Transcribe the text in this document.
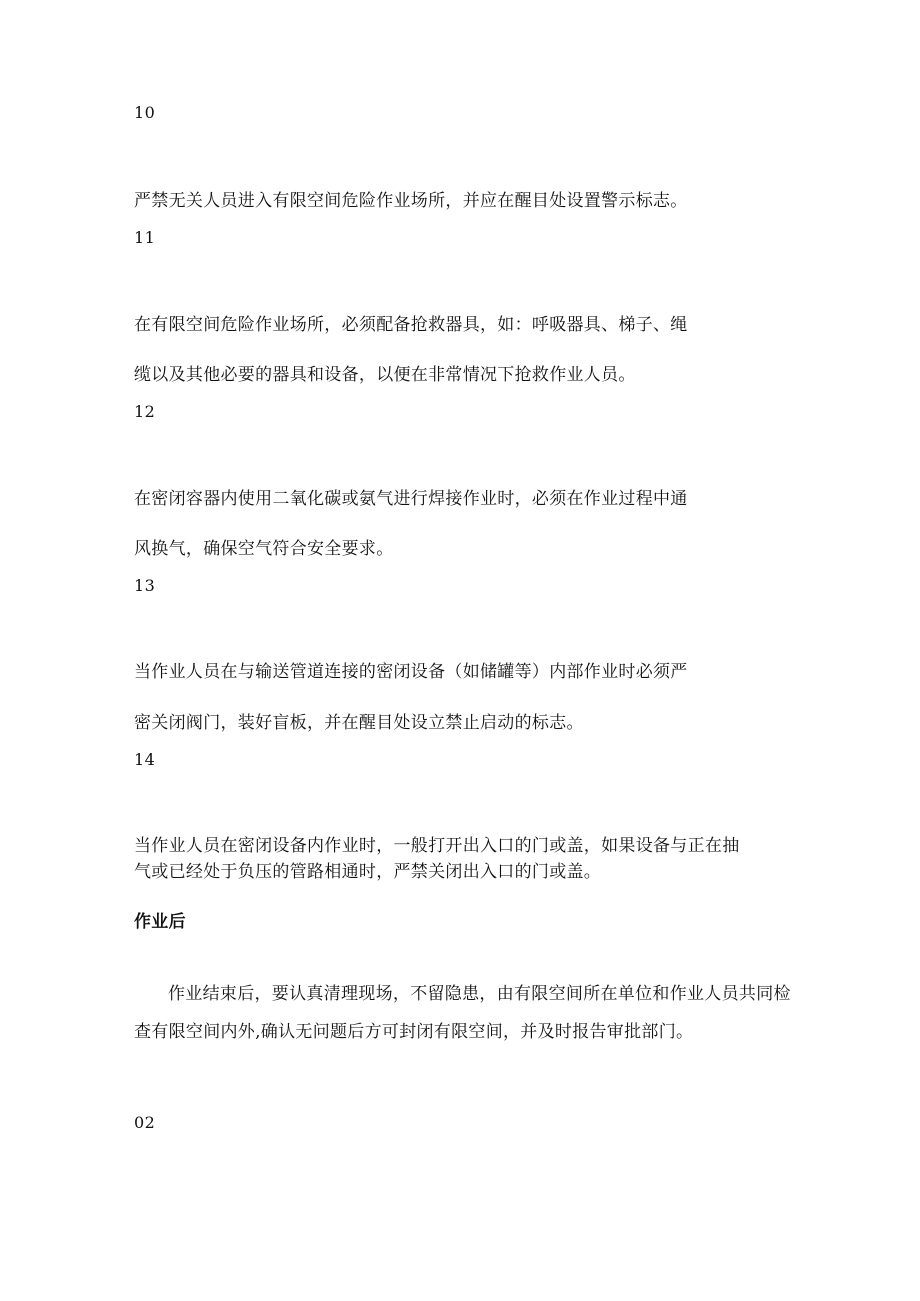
10
严禁无关人员进入有限空间危险作业场所，并应在醒目处设置警示标志。
11
在有限空间危险作业场所，必须配备抢救器具，如：呼吸器具、梯子、绳
缆以及其他必要的器具和设备，以便在非常情况下抢救作业人员。
12
在密闭容器内使用二氧化碳或氨气进行焊接作业时，必须在作业过程中通
风换气，确保空气符合安全要求。
13
当作业人员在与输送管道连接的密闭设备（如储罐等）内部作业时必须严
密关闭阀门，装好盲板，并在醒目处设立禁止启动的标志。
14
当作业人员在密闭设备内作业时，一般打开出入口的门或盖，如果设备与正在抽
气或已经处于负压的管路相通时，严禁关闭出入口的门或盖。
作业后
作业结束后，要认真清理现场，不留隐患，由有限空间所在单位和作业人员共同检
查有限空间内外,确认无问题后方可封闭有限空间，并及时报告审批部门。
02
